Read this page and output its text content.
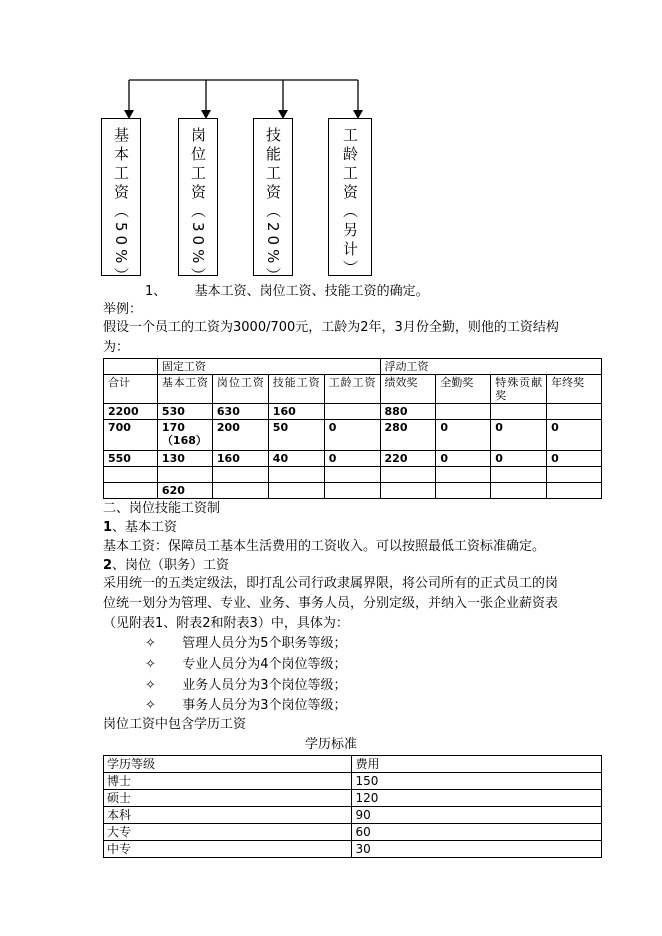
基本工资（50%）	岗位工资（30%）	技能工资（20%）	工龄工资（另计）
1、 基本工资、岗位工资、技能工资的确定。
举例：
假设一个员工的工资为3000/700元，工龄为2年，3月份全勤，则他的工资结构为：
	固定工资				浮动工资			
合计	基本工资	岗位工资	技能工资	工龄工资	绩效奖	全勤奖	特殊贡献奖	年终奖
2200	530	630	160		880			
700	170（168）	200	50	0	280	0	0	0
550	130	160	40	0	220	0	0	0

	620							
二、岗位技能工资制
1、基本工资
基本工资：保障员工基本生活费用的工资收入。可以按照最低工资标准确定。
2、岗位（职务）工资
采用统一的五类定级法，即打乱公司行政隶属界限，将公司所有的正式员工的岗位统一划分为管理、专业、业务、事务人员，分别定级，并纳入一张企业薪资表（见附表1、附表2和附表3）中，具体为：
✧ 管理人员分为5个职务等级；
✧ 专业人员分为4个岗位等级；
✧ 业务人员分为3个岗位等级；
✧ 事务人员分为3个岗位等级；
岗位工资中包含学历工资
学历标准
学历等级	费用
博士	150
硕士	120
本科	90
大专	60
中专	30
